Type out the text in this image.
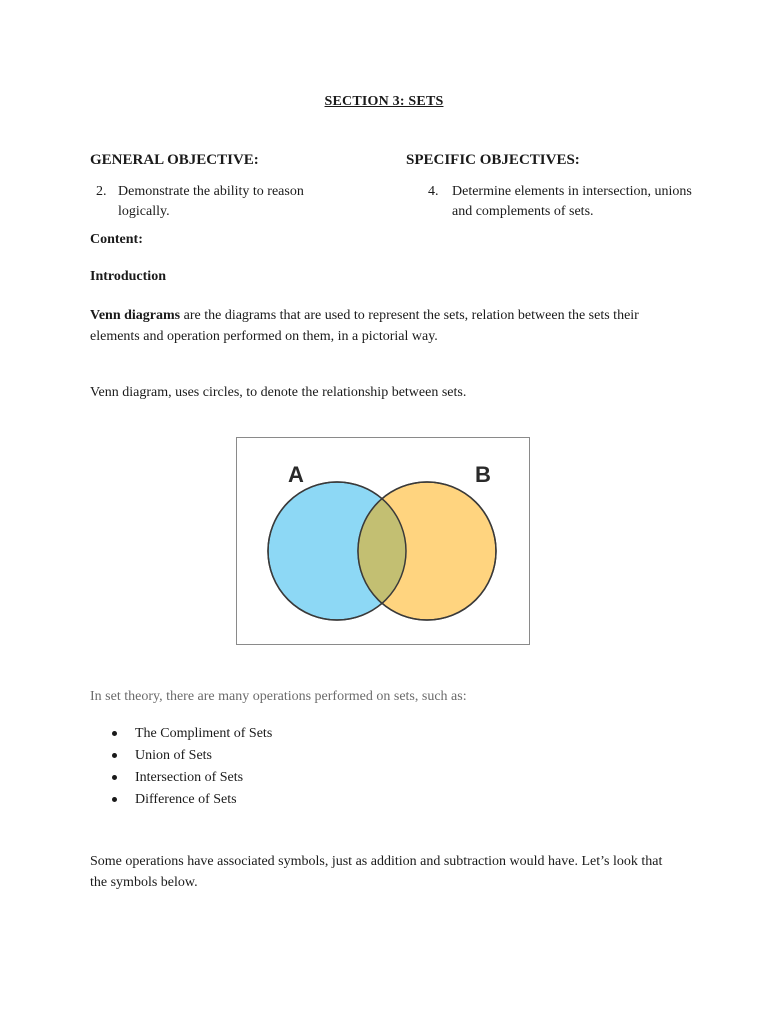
SECTION 3: SETS
GENERAL OBJECTIVE:	SPECIFIC OBJECTIVES:
2. Demonstrate the ability to reason logically.
4. Determine elements in intersection, unions and complements of sets.
Content:
Introduction
Venn diagrams are the diagrams that are used to represent the sets, relation between the sets their elements and operation performed on them, in a pictorial way.
Venn diagram, uses circles, to denote the relationship between sets.
A	B
In set theory, there are many operations performed on sets, such as:
The Compliment of Sets
Union of Sets
Intersection of Sets
Difference of Sets
Some operations have associated symbols, just as addition and subtraction would have. Let’s look that the symbols below.
